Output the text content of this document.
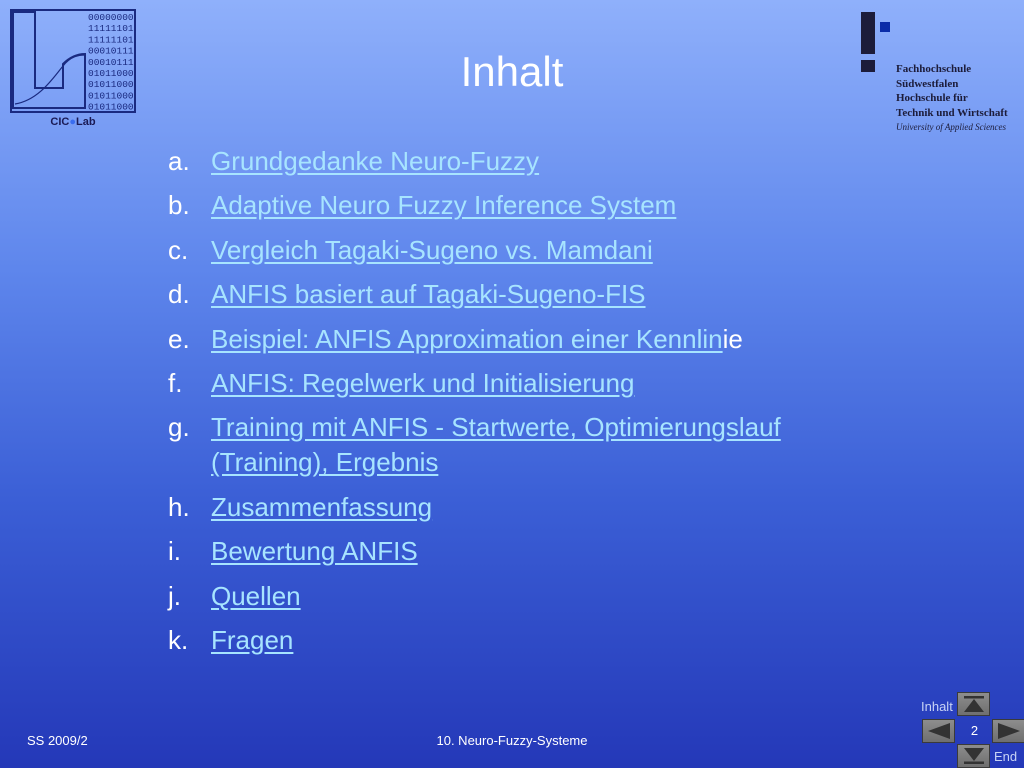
00000000
11111101
11111101
00010111
00010111
01011000
01011000
01011000
01011000
CIC●Lab
Fachhochschule
Südwestfalen
Hochschule für
Technik und Wirtschaft
University of Applied Sciences
Inhalt
a. Grundgedanke Neuro-Fuzzy
b. Adaptive Neuro Fuzzy Inference System
c. Vergleich Tagaki-Sugeno vs. Mamdani
d. ANFIS basiert auf Tagaki-Sugeno-FIS
e. Beispiel: ANFIS Approximation einer Kennlinie
f.	ANFIS: Regelwerk und Initialisierung
g. Training mit ANFIS - Startwerte, Optimierungslauf (Training), Ergebnis
h. Zusammenfassung
i.	Bewertung ANFIS
j.	Quellen
k. Fragen
SS 2009/2	10. Neuro-Fuzzy-Systeme
Inhalt
2
End
